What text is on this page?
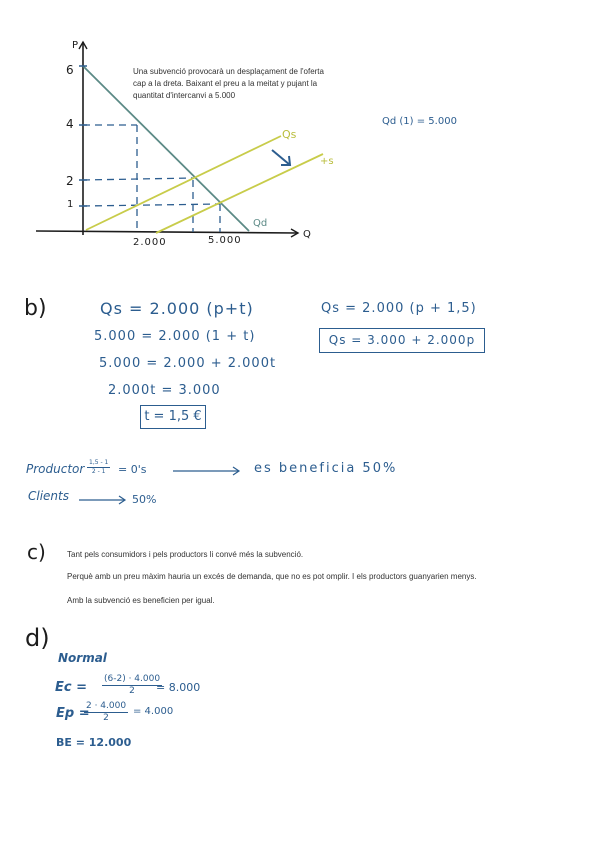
P
Q
6
4
2
1
2.000	5.000
Una subvenció provocarà un desplaçament de l'oferta
cap a la dreta. Baixant el preu a la meitat y pujant la
quantitat d'intercanvi a 5.000
Qs
+s
Qd
Qd (1) = 5.000
b)	Qs = 2.000 (p+t)
5.000 = 2.000 (1 + t)
5.000 = 2.000 + 2.000t
2.000t = 3.000
t = 1,5 €
Qs = 2.000 (p + 1,5)
Qs = 3.000 + 2.000p
Productor $\frac{1,5 - 1}{2 - 1} = 0's$	es beneficia 50%
Clients	50%
c)	Tant pels consumidors i pels productors li convé més la subvenció.
Perquè amb un preu màxim hauria un excés de demanda, que no es pot omplir. I els productors guanyarien menys.
Amb la subvenció es beneficien per igual.
d)
Normal
$Ec = \frac{(6-2) \cdot 4.000}{2}$
= 8.000
Ep =
$\frac{2 \cdot 4.000}{2} = 4.000$
BE = 12.000
